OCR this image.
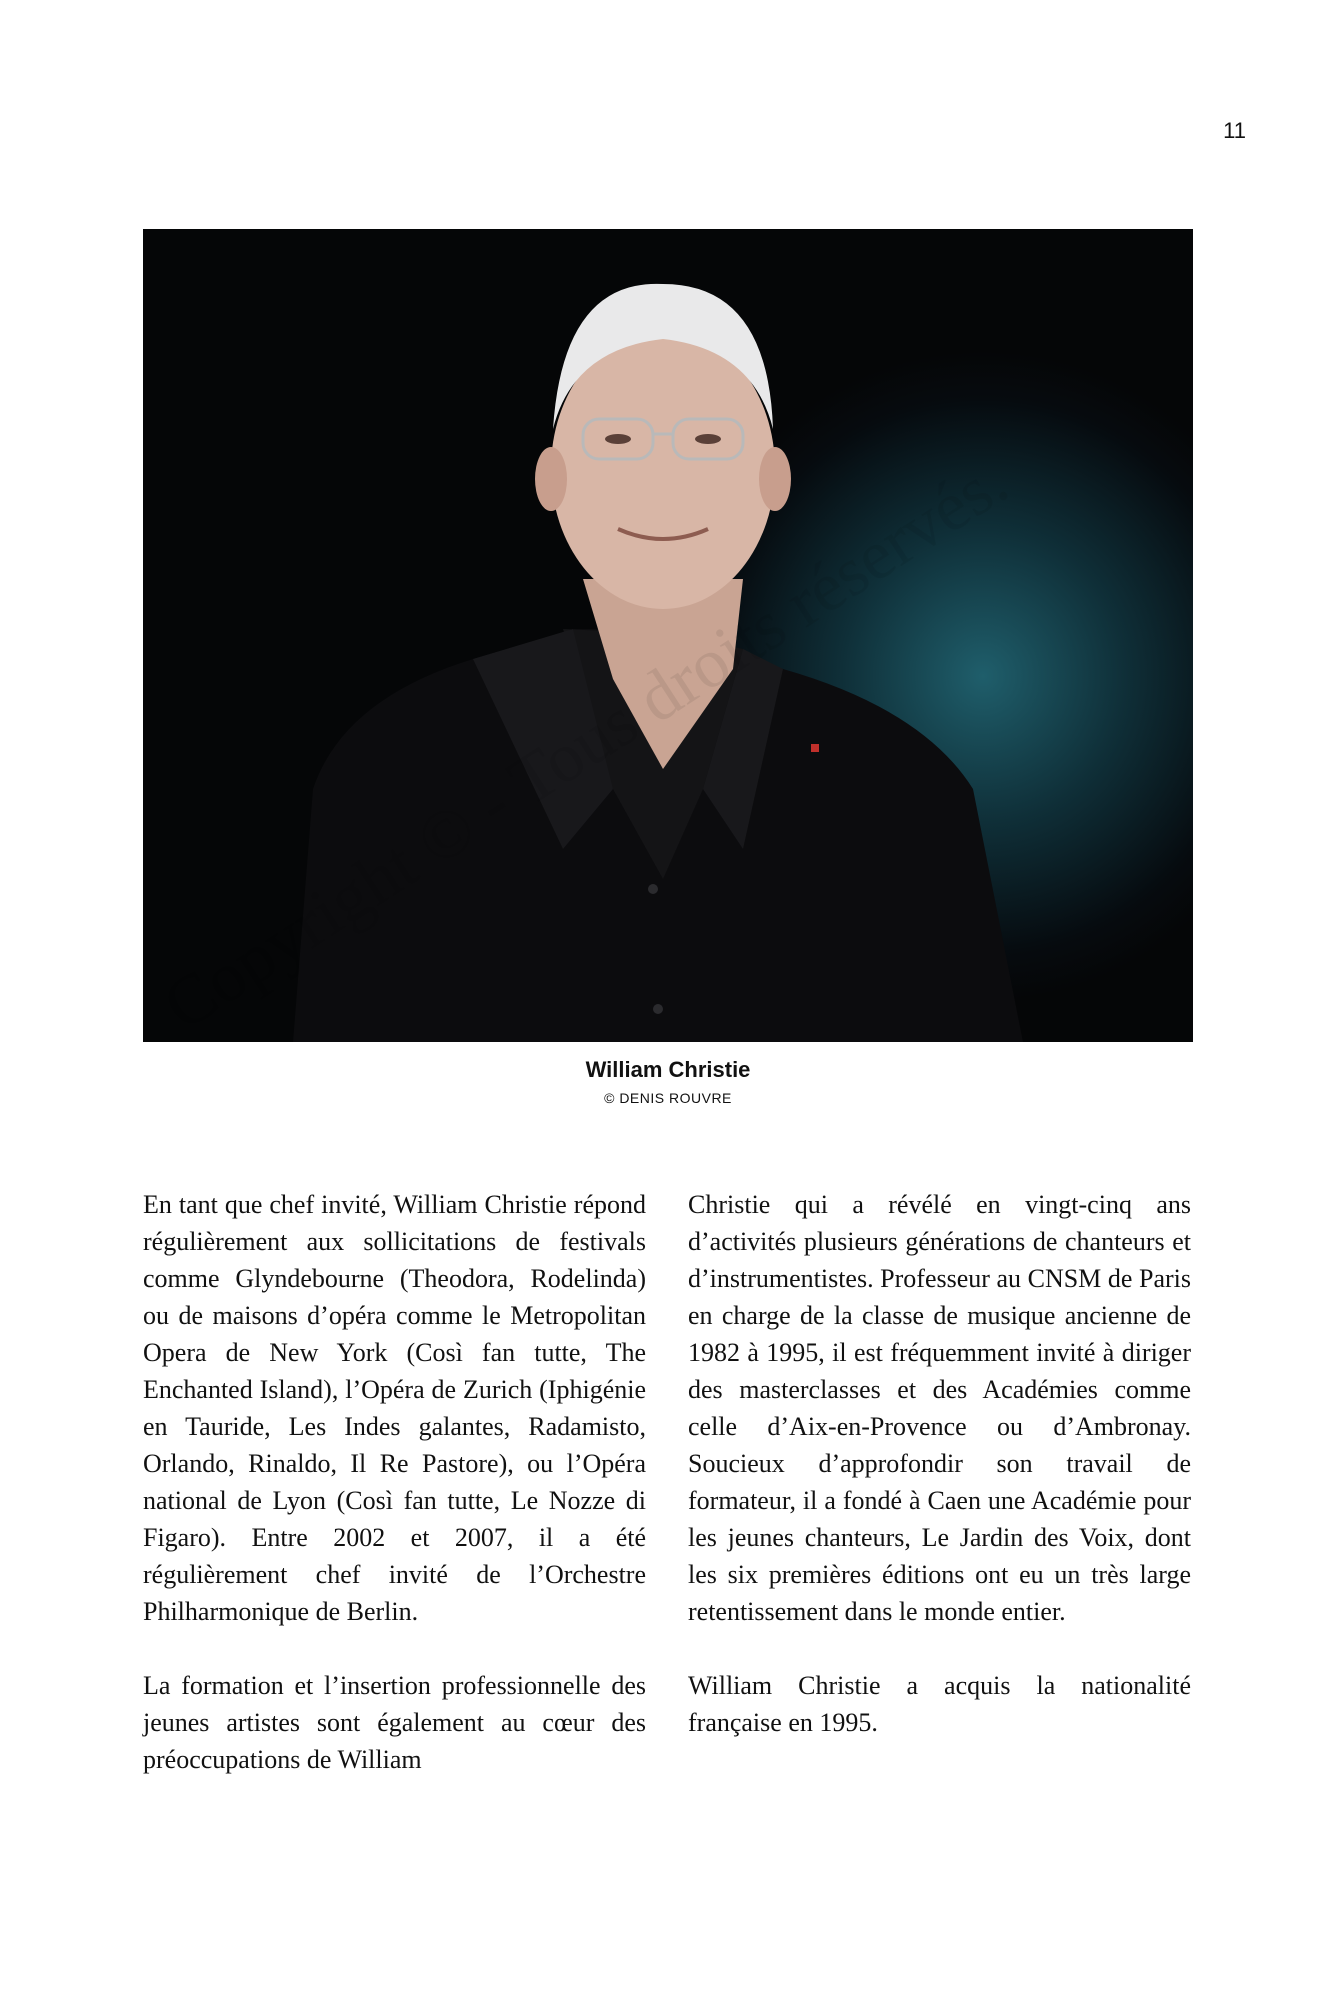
11
William Christie
© DENIS ROUVRE

En tant que chef invité, William Christie répond régulièrement aux sollicitations de festivals comme Glyndebourne (Theodora, Rodelinda) ou de maisons d’opéra comme le Metropolitan Opera de New York (Così fan tutte, The Enchanted Island), l’Opéra de Zurich (Iphigénie en Tauride, Les Indes galantes, Radamisto, Orlando, Rinaldo, Il Re Pastore), ou l’Opéra national de Lyon (Così fan tutte, Le Nozze di Figaro). Entre 2002 et 2007, il a été régulièrement chef invité de l’Orchestre Philharmonique de Berlin.

La formation et l’insertion professionnelle des jeunes artistes sont également au cœur des préoccupations de William

Christie qui a révélé en vingt-cinq ans d’activités plusieurs générations de chanteurs et d’instrumentistes. Professeur au CNSM de Paris en charge de la classe de musique ancienne de 1982 à 1995, il est fréquemment invité à diriger des masterclasses et des Académies comme celle d’Aix-en-Provence ou d’Ambronay. Soucieux d’approfondir son travail de formateur, il a fondé à Caen une Académie pour les jeunes chanteurs, Le Jardin des Voix, dont les six premières éditions ont eu un très large retentissement dans le monde entier.

William Christie a acquis la nationalité française en 1995.
